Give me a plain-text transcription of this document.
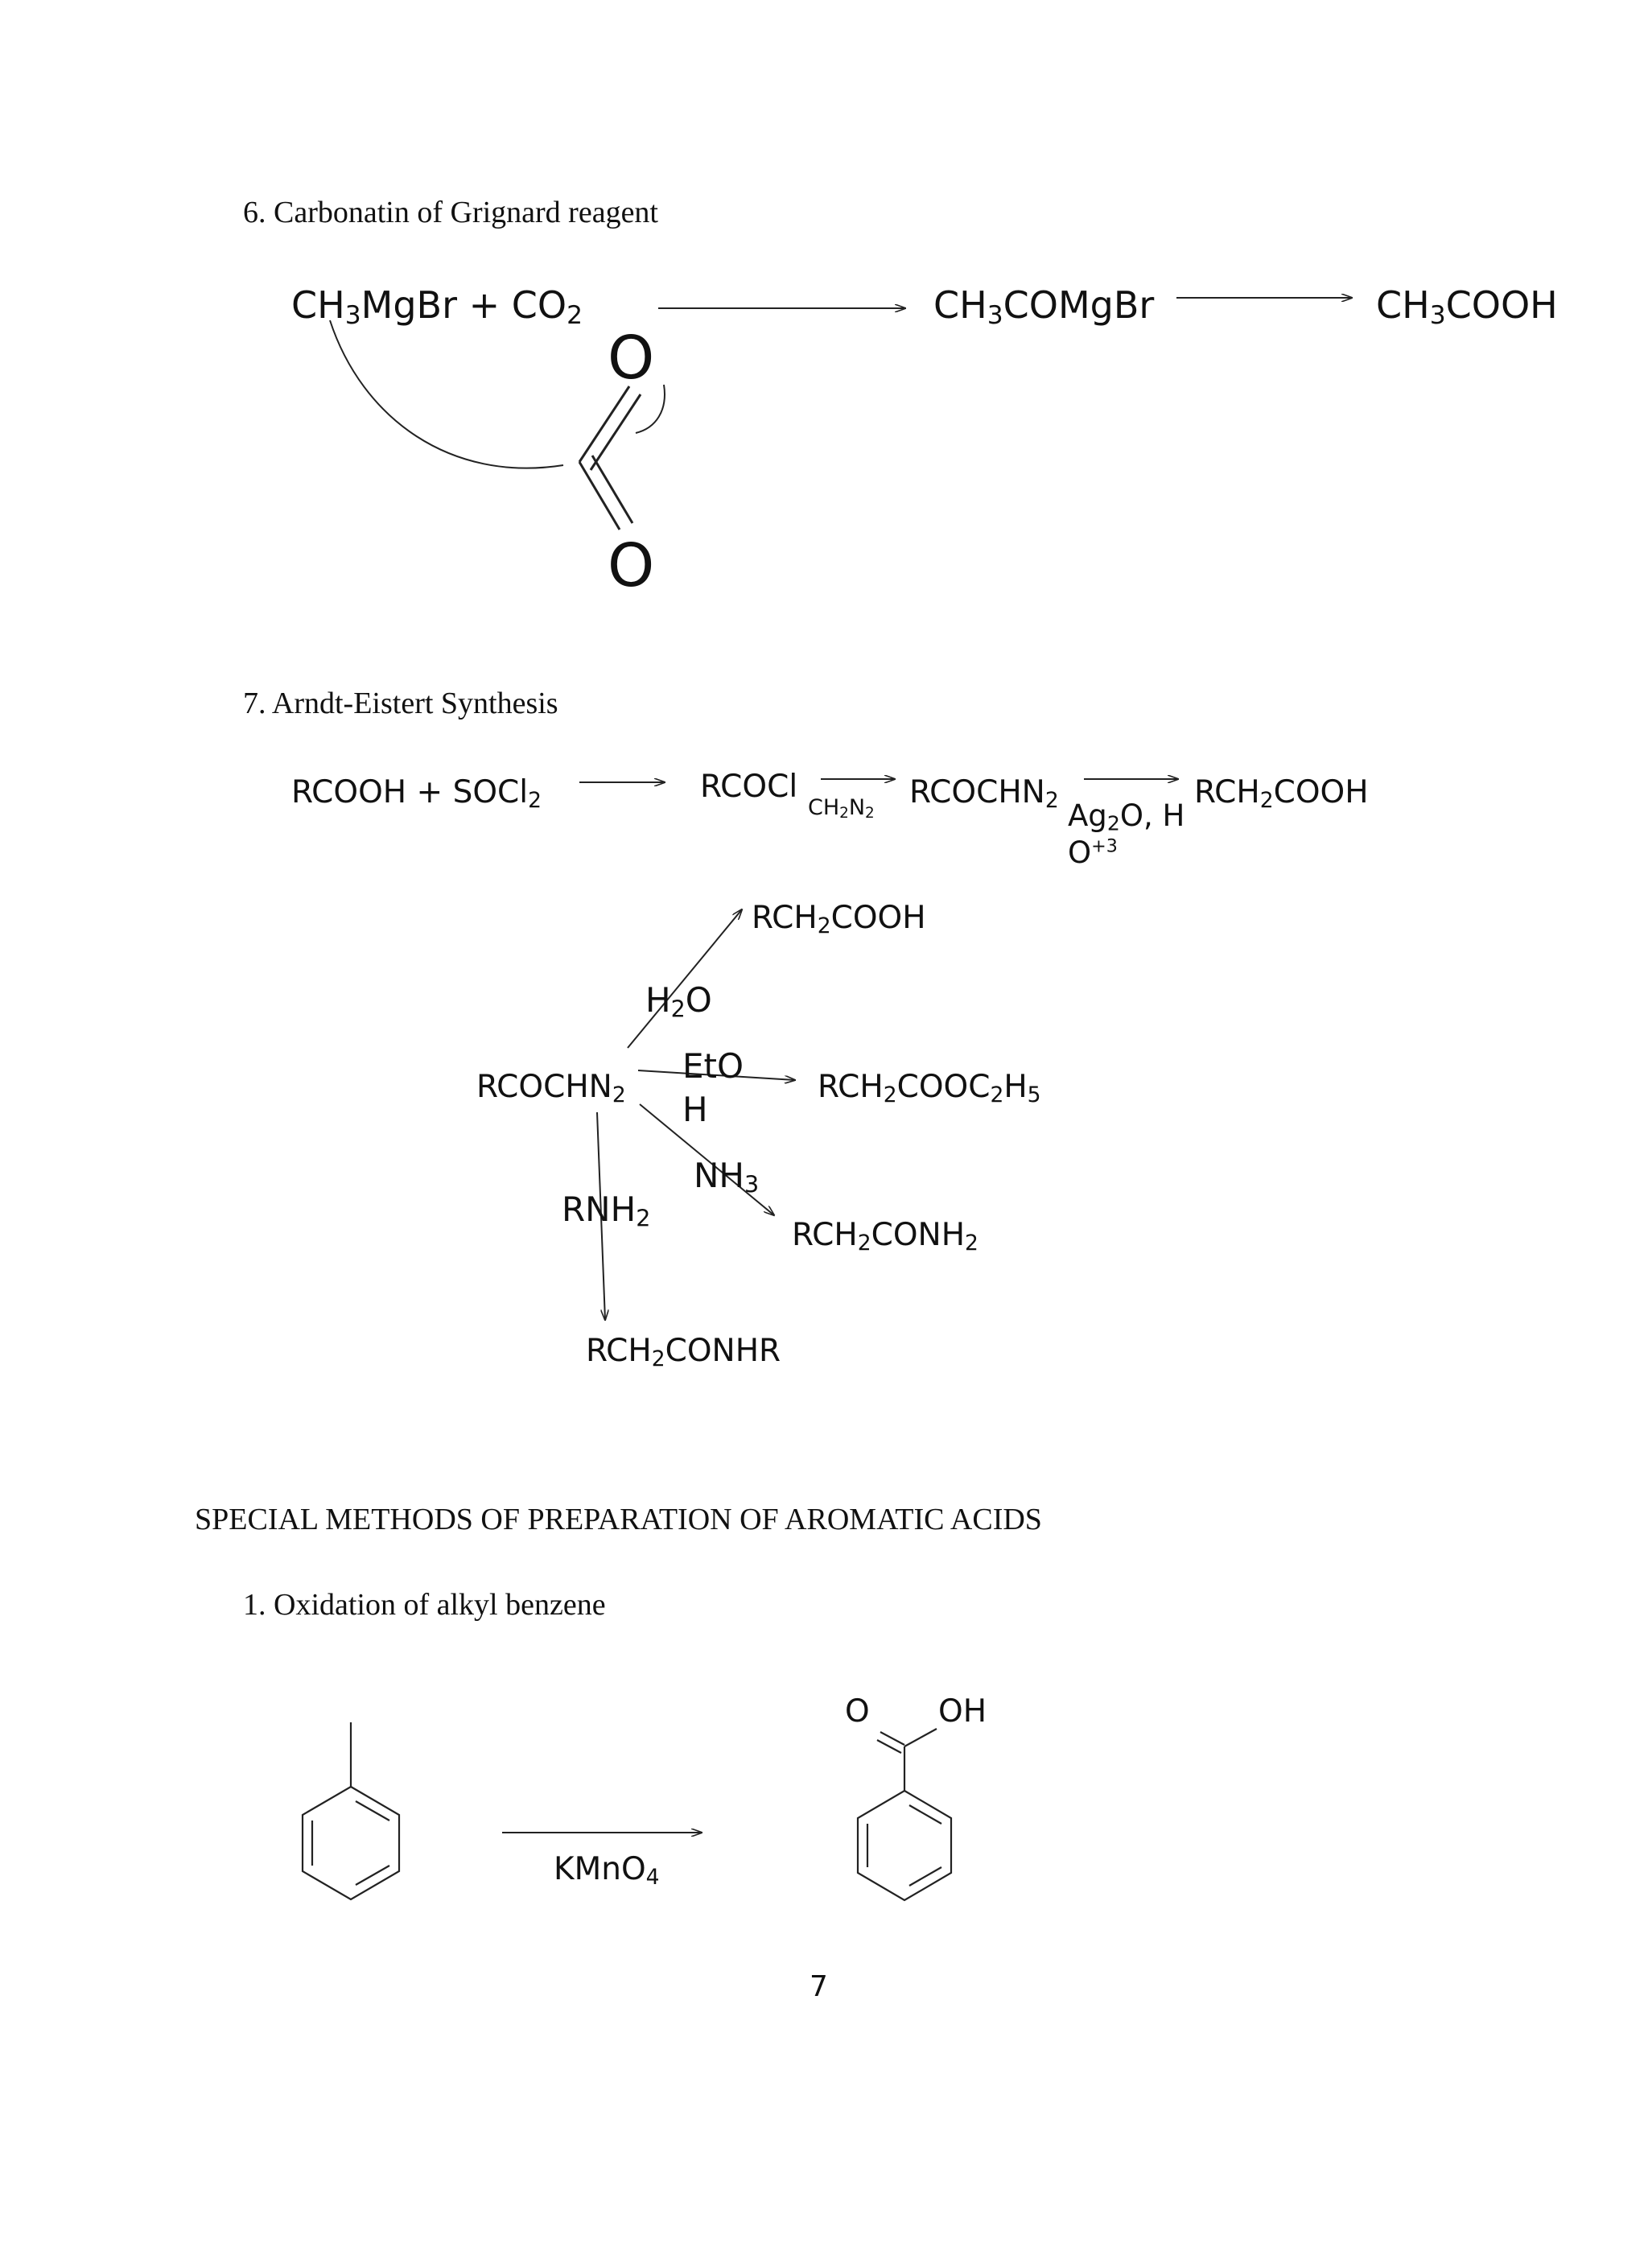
6. Carbonatin of Grignard reagent
$CH_3MgBr + CO_2$	$CH_3COMgBr$	$CH_3COOH$
O
O
7. Arndt-Eistert Synthesis
RCOOH + SOCl$_2$	RCOCl
$CH_2N_2$
$RCOCHN_2$ $Ag_2O$, H
$O^{+3}$
$RCH_2COOH$
$RCOCHN_2$
$RCH_2COOH$
$H_2O$
EtO
H
$RCH_2COOC_2H_5$
$NH_3$
$RCH_2CONH_2$
$RNH_2$
$RCH_2CONHR$
SPECIAL METHODS OF PREPARATION OF AROMATIC ACIDS
1. Oxidation of alkyl benzene
KMnO$_4$
O OH
7
